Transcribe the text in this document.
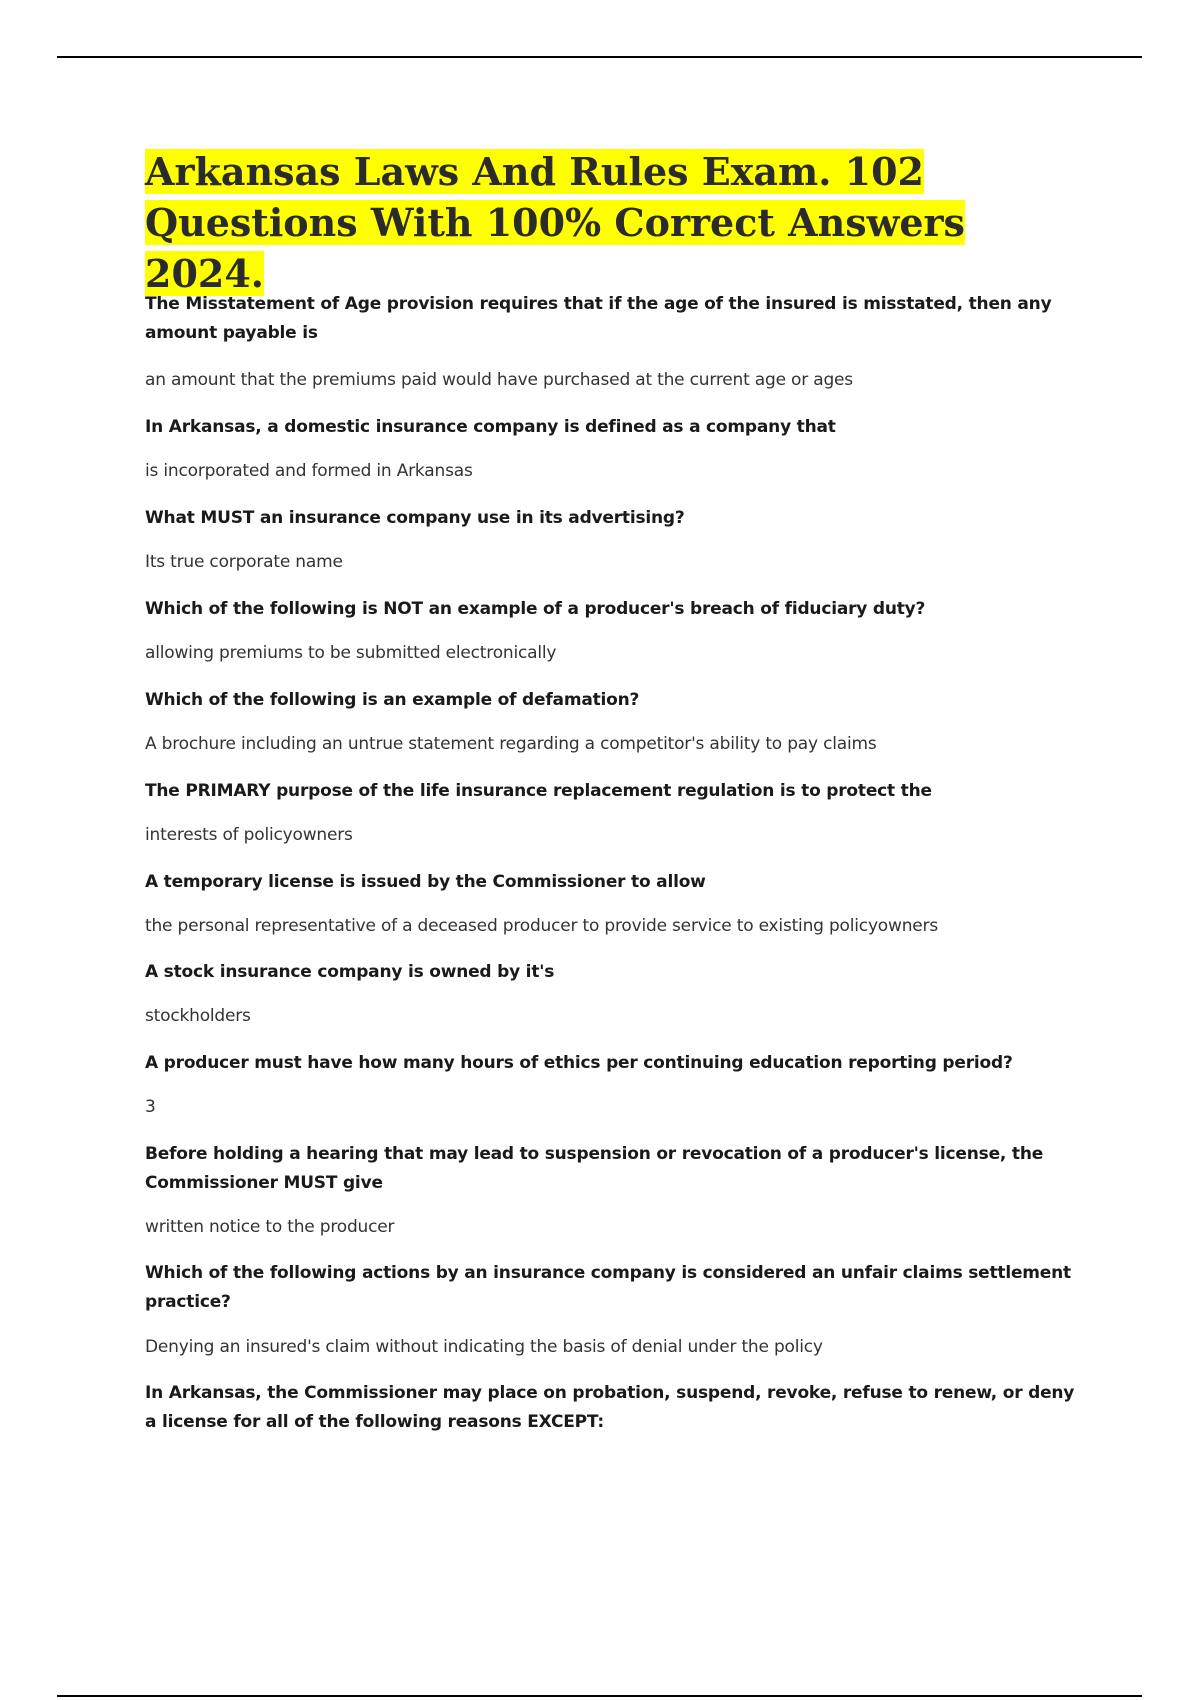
Arkansas Laws And Rules Exam. 102 Questions With 100% Correct Answers 2024.

The Misstatement of Age provision requires that if the age of the insured is misstated, then any amount payable is

an amount that the premiums paid would have purchased at the current age or ages

In Arkansas, a domestic insurance company is defined as a company that

is incorporated and formed in Arkansas

What MUST an insurance company use in its advertising?

Its true corporate name

Which of the following is NOT an example of a producer's breach of fiduciary duty?

allowing premiums to be submitted electronically

Which of the following is an example of defamation?

A brochure including an untrue statement regarding a competitor's ability to pay claims

The PRIMARY purpose of the life insurance replacement regulation is to protect the

interests of policyowners

A temporary license is issued by the Commissioner to allow

the personal representative of a deceased producer to provide service to existing policyowners

A stock insurance company is owned by it's

stockholders

A producer must have how many hours of ethics per continuing education reporting period?

3

Before holding a hearing that may lead to suspension or revocation of a producer's license, the Commissioner MUST give

written notice to the producer

Which of the following actions by an insurance company is considered an unfair claims settlement practice?

Denying an insured's claim without indicating the basis of denial under the policy

In Arkansas, the Commissioner may place on probation, suspend, revoke, refuse to renew, or deny a license for all of the following reasons EXCEPT:
